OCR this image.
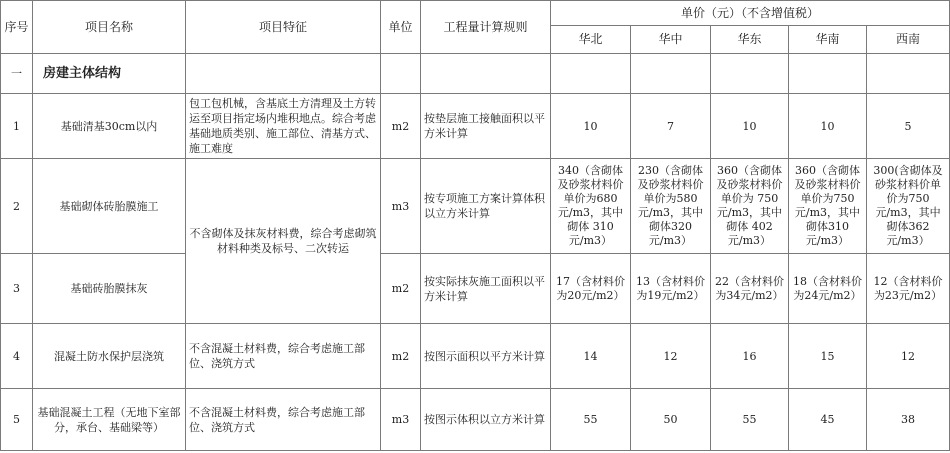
序号	项目名称	项目特征	单位	工程量计算规则	单价（元）（不含增值税）				
					华北	华中	华东	华南	西南
一	房建主体结构								
1	基础清基30cm以内	包工包机械，含基底土方清理及土方转运至项目指定场内堆积地点。综合考虑基础地质类别、施工部位、清基方式、施工难度	m2	按垫层施工接触面积以平方米计算	10	7	10	10	5
2	基础砌体砖胎膜施工	不含砌体及抹灰材料费，综合考虑砌筑材料种类及标号、二次转运	m3	按专项施工方案计算体积以立方米计算	340（含砌体及砂浆材料价单价为680元/m3，其中砌体 310元/m3）	230（含砌体及砂浆材料价单价为580元/m3，其中砌体320元/m3）	360（含砌体及砂浆材料价单价为 750元/m3，其中砌体 402元/m3）	360（含砌体及砂浆材料价单价为750元/m3，其中砌体310元/m3）	300(含砌体及砂浆材料价单价为750元/m3，其中砌体362元/m3）
3	基础砖胎膜抹灰		m2	按实际抹灰施工面积以平方米计算	17（含材料价为20元/m2）	13（含材料价为19元/m2）	22（含材料价为34元/m2）	18（含材料价为24元/m2）	12（含材料价为23元/m2）
4	混凝土防水保护层浇筑	不含混凝土材料费，综合考虑施工部位、浇筑方式	m2	按图示面积以平方米计算	14	12	16	15	12
5	基础混凝土工程（无地下室部分，承台、基础梁等）	不含混凝土材料费，综合考虑施工部位、浇筑方式	m3	按图示体积以立方米计算	55	50	55	45	38
